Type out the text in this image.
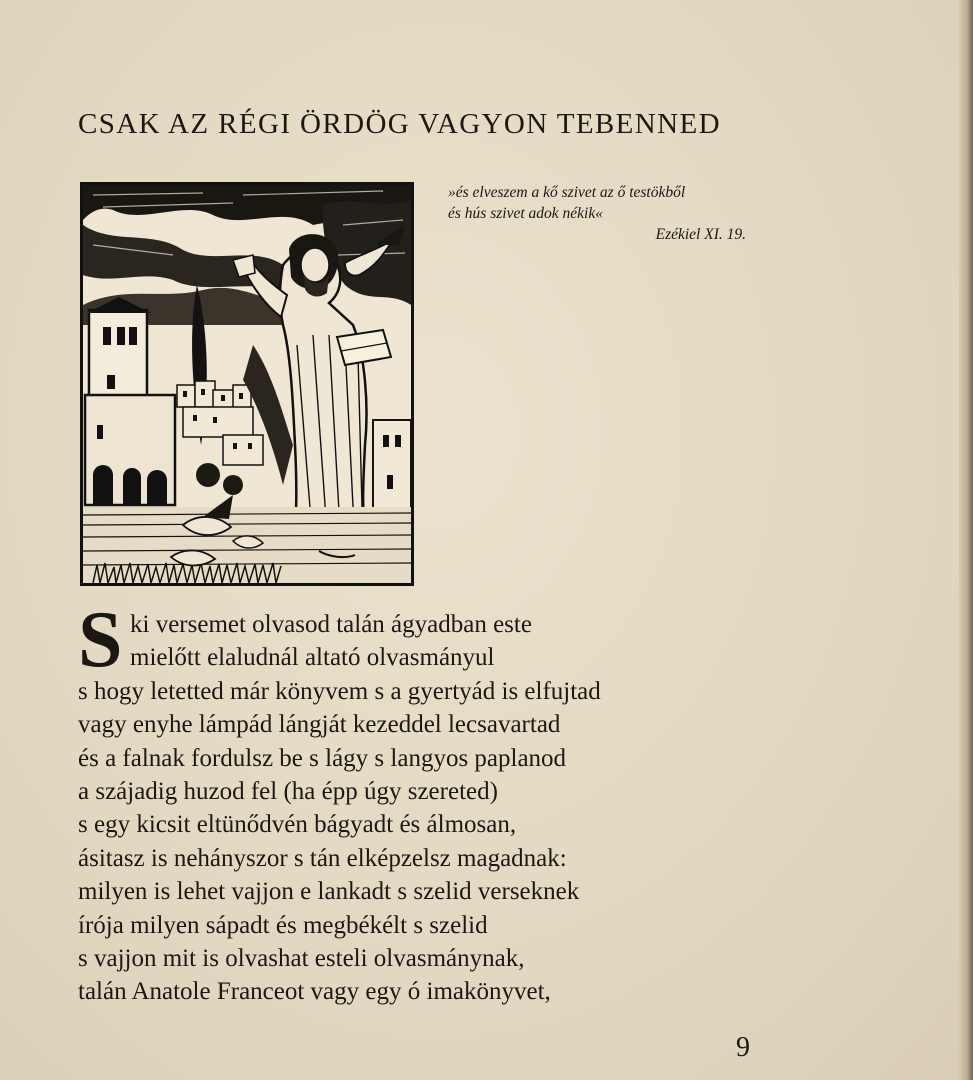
CSAK AZ RÉGI ÖRDÖG VAGYON TEBENNED
»és elveszem a kő szivet az ő testökből
és hús szivet adok nékik«
Ezékiel XI. 19.
S ki versemet olvasod talán ágyadban este
mielőtt elaludnál altató olvasmányul
s hogy letetted már könyvem s a gyertyád is elfujtad
vagy enyhe lámpád lángját kezeddel lecsavartad
és a falnak fordulsz be s lágy s langyos paplanod
a szájadig huzod fel (ha épp úgy szereted)
s egy kicsit eltünődvén bágyadt és álmosan,
ásitasz is nehányszor s tán elképzelsz magadnak:
milyen is lehet vajjon e lankadt s szelid verseknek
írója milyen sápadt és megbékélt s szelid
s vajjon mit is olvashat esteli olvasmánynak,
talán Anatole Franceot vagy egy ó imakönyvet,
9
